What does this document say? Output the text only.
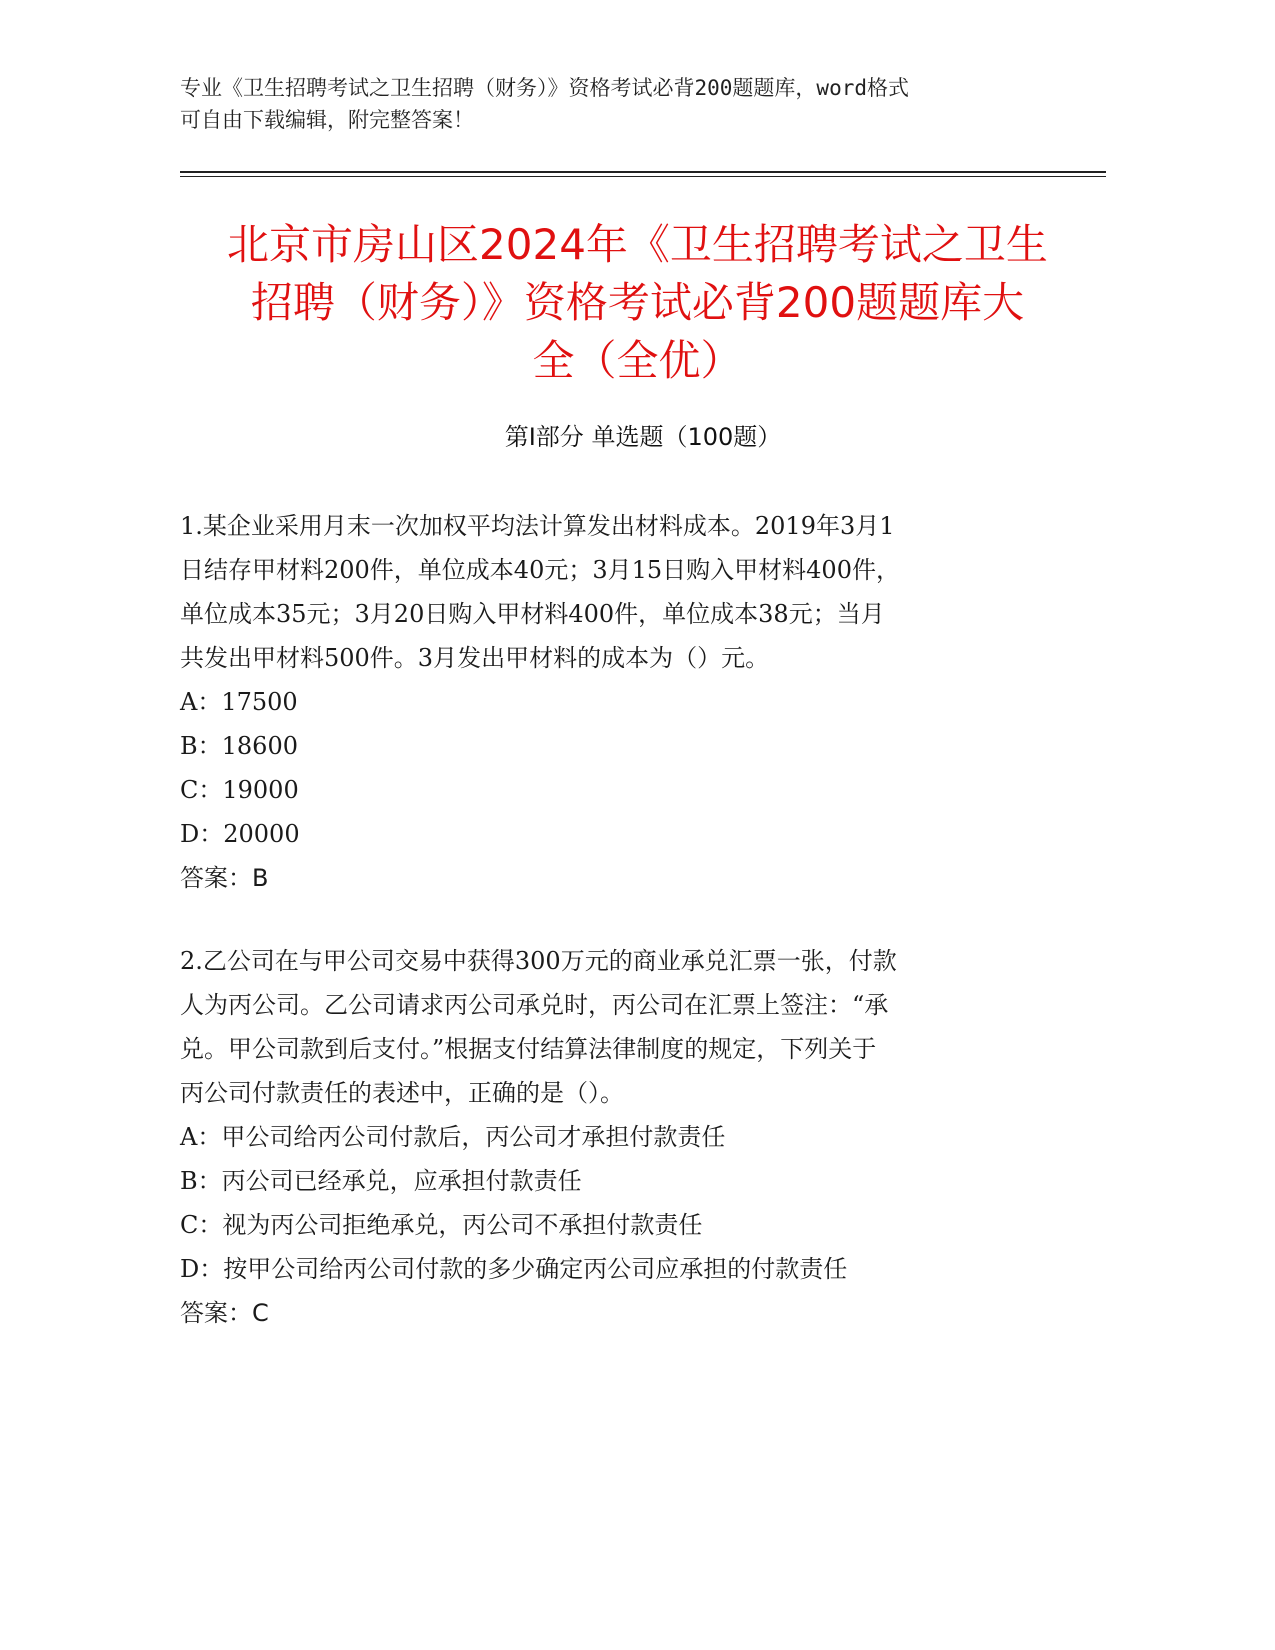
专业《卫生招聘考试之卫生招聘（财务）》资格考试必背200题题库，word格式
可自由下载编辑，附完整答案！
北京市房山区2024年《卫生招聘考试之卫生
招聘（财务）》资格考试必背200题题库大
全（全优）
第I部分 单选题（100题）
1.某企业采用月末一次加权平均法计算发出材料成本。2019年3月1
日结存甲材料200件，单位成本40元；3月15日购入甲材料400件，
单位成本35元；3月20日购入甲材料400件，单位成本38元；当月
共发出甲材料500件。3月发出甲材料的成本为（）元。
A：17500
B：18600
C：19000
D：20000
答案：B
2.乙公司在与甲公司交易中获得300万元的商业承兑汇票一张，付款
人为丙公司。乙公司请求丙公司承兑时，丙公司在汇票上签注：“承
兑。甲公司款到后支付。”根据支付结算法律制度的规定，下列关于
丙公司付款责任的表述中，正确的是（）。
A：甲公司给丙公司付款后，丙公司才承担付款责任
B：丙公司已经承兑，应承担付款责任
C：视为丙公司拒绝承兑，丙公司不承担付款责任
D：按甲公司给丙公司付款的多少确定丙公司应承担的付款责任
答案：C
